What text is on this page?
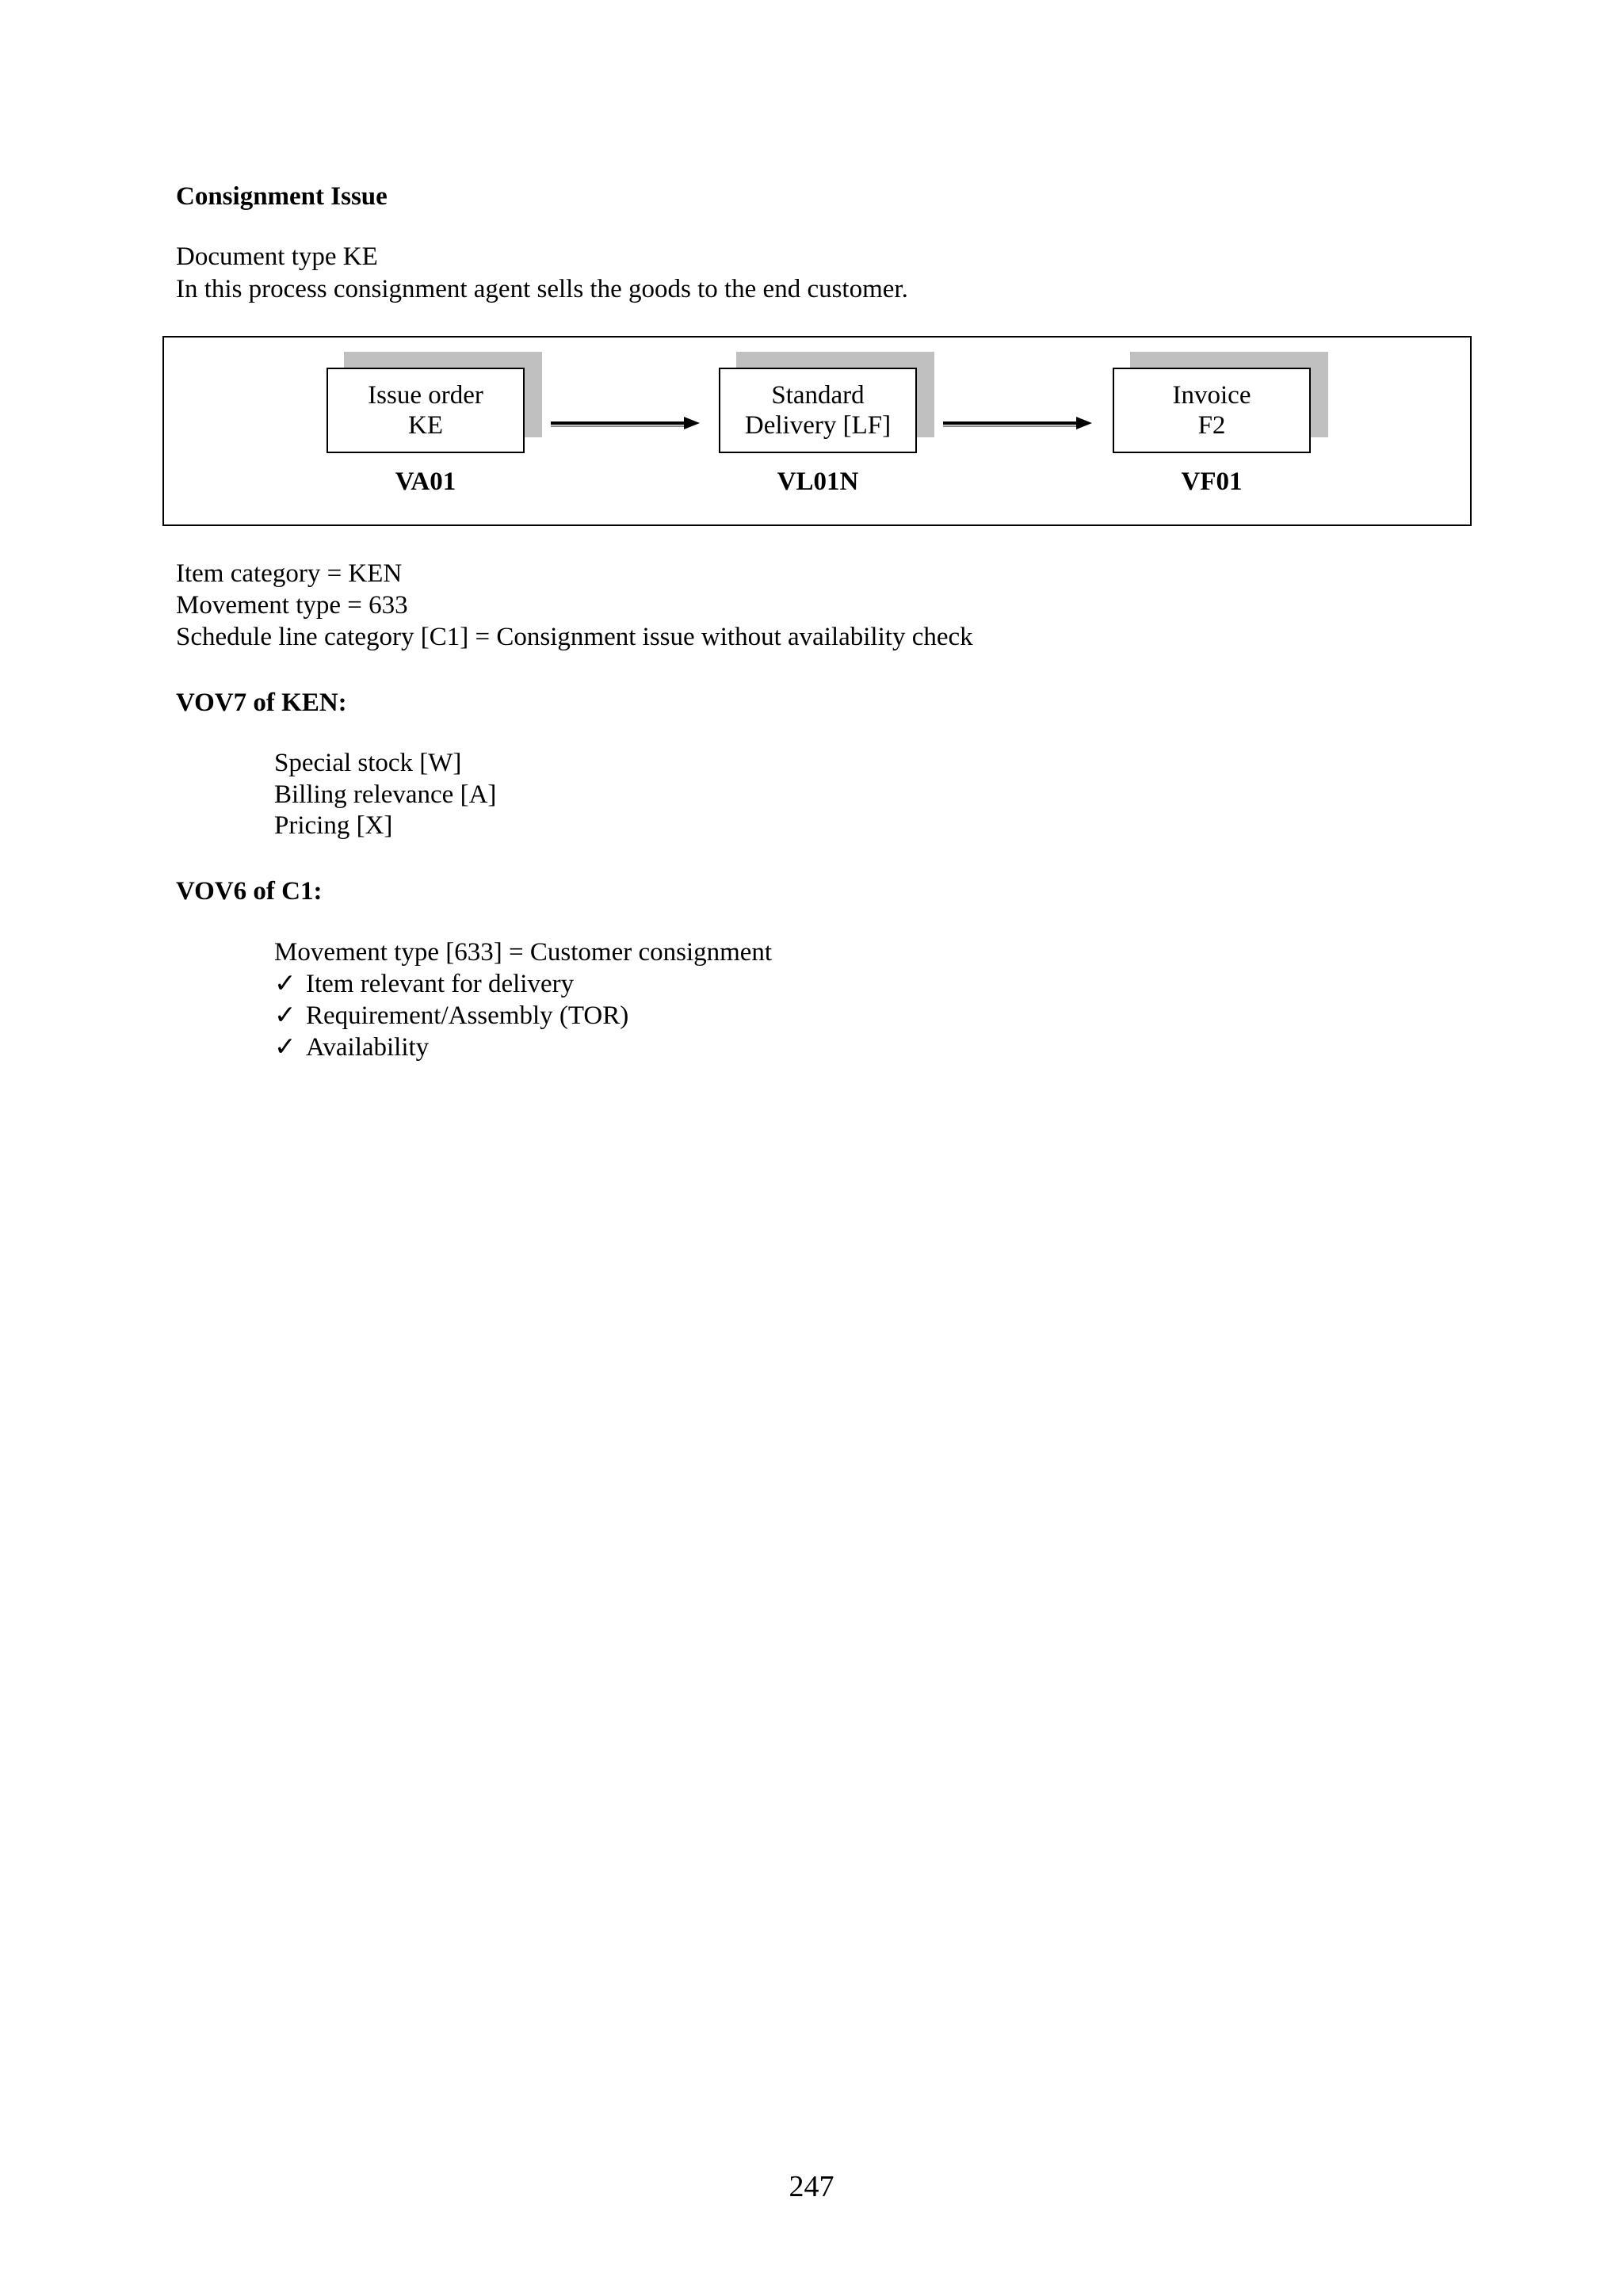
Consignment Issue
Document type KE
In this process consignment agent sells the goods to the end customer.
Issue order
KE
VA01
Standard
Delivery [LF]
VL01N
Invoice
F2
VF01
Item category = KEN
Movement type = 633
Schedule line category [C1] = Consignment issue without availability check
VOV7 of KEN:
Special stock [W]
Billing relevance [A]
Pricing [X]
VOV6 of C1:
Movement type [633] = Customer consignment
✓ Item relevant for delivery
✓ Requirement/Assembly (TOR)
✓ Availability
247
